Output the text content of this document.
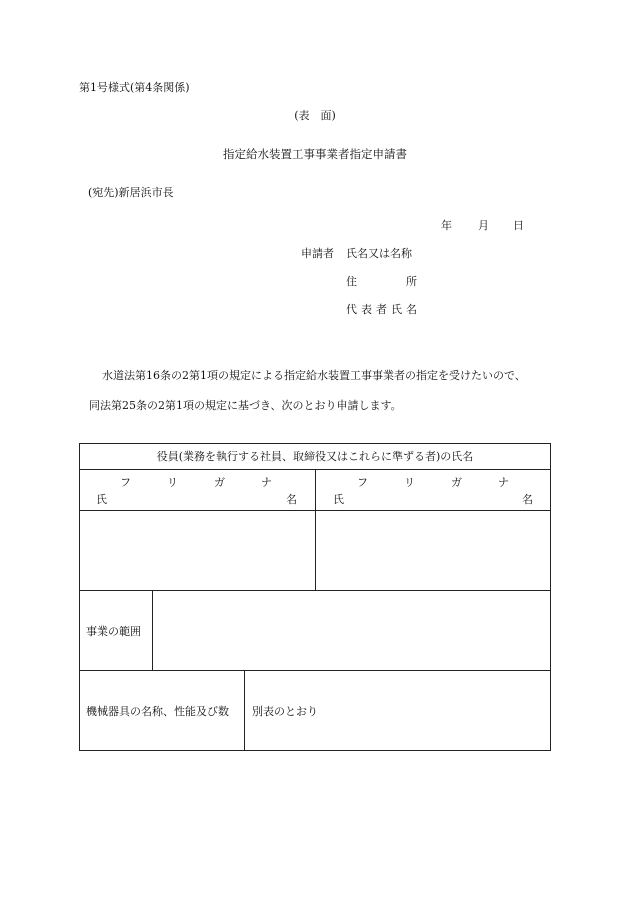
第1号様式(第4条関係)
(表　面)
指定給水装置工事事業者指定申請書
(宛先)新居浜市長
年 月 日
申請者 氏名又は名称
住	所
代 表 者 氏 名
水道法第16条の2第1項の規定による指定給水装置工事事業者の指定を受けたいので、
同法第25条の2第1項の規定に基づき、次のとおり申請します。
役員(業務を執行する社員、取締役又はこれらに準ずる者)の氏名
フ	リ	ガ	ナ
氏	名
フ	リ	ガ	ナ
氏	名
事業の範囲
機械器具の名称、性能及び数 別表のとおり
